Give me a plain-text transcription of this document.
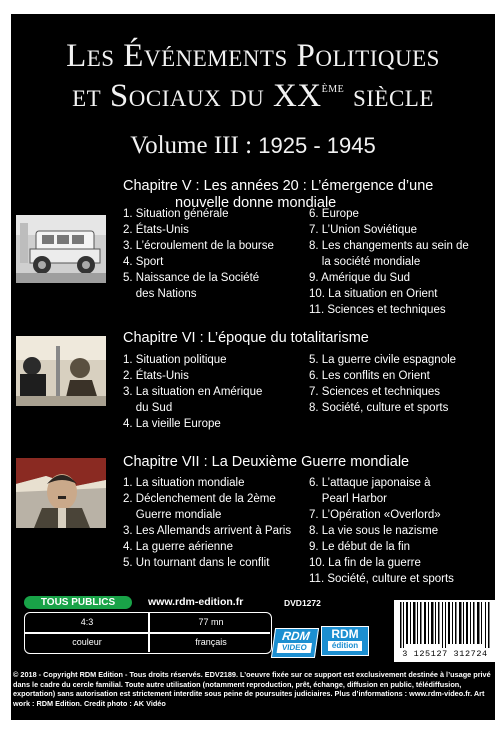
Les Événements Politiques
et Sociaux du XXème siècle
Volume III : 1925 - 1945
Chapitre V : Les années 20 : L’émergence d’une
nouvelle donne mondiale
1. Situation générale
2. États-Unis
3. L’écroulement de la bourse
4. Sport
5. Naissance de la Société
des Nations
6. Europe
7. L’Union Soviétique
8. Les changements au sein de
la société mondiale
9. Amérique du Sud
10. La situation en Orient
11. Sciences et techniques
Chapitre VI : L’époque du totalitarisme
1. Situation politique
2. États-Unis
3. La situation en Amérique
du Sud
4. La vieille Europe
5. La guerre civile espagnole
6. Les conflits en Orient
7. Sciences et techniques
8. Société, culture et sports
Chapitre VII : La Deuxième Guerre mondiale
1. La situation mondiale
2. Déclenchement de la 2ème
Guerre mondiale
3. Les Allemands arrivent à Paris
4. La guerre aérienne
5. Un tournant dans le conflit
6. L’attaque japonaise à
Pearl Harbor
7. L’Opération «Overlord»
8. La vie sous le nazisme
9. Le début de la fin
10. La fin de la guerre
11. Société, culture et sports
TOUS PUBLICS	www.rdm-edition.fr	DVD1272
4:3	77 mn
couleur	français	RDM
VIDEO
RDM
édition
3 125127 312724
© 2018 - Copyright RDM Edition - Tous droits réservés. EDV2189. L’oeuvre fixée sur ce support est exclusivement destinée à l’usage privé dans le cadre du cercle familial. Toute autre utilisation (notamment reproduction, prêt, échange, diffusion en public, télédiffusion, exportation) sans autorisation est strictement interdite sous peine de poursuites judiciaires. Plus d’informations : www.rdm-video.fr. Art work : RDM Edition. Credit photo : AK Vidéo
